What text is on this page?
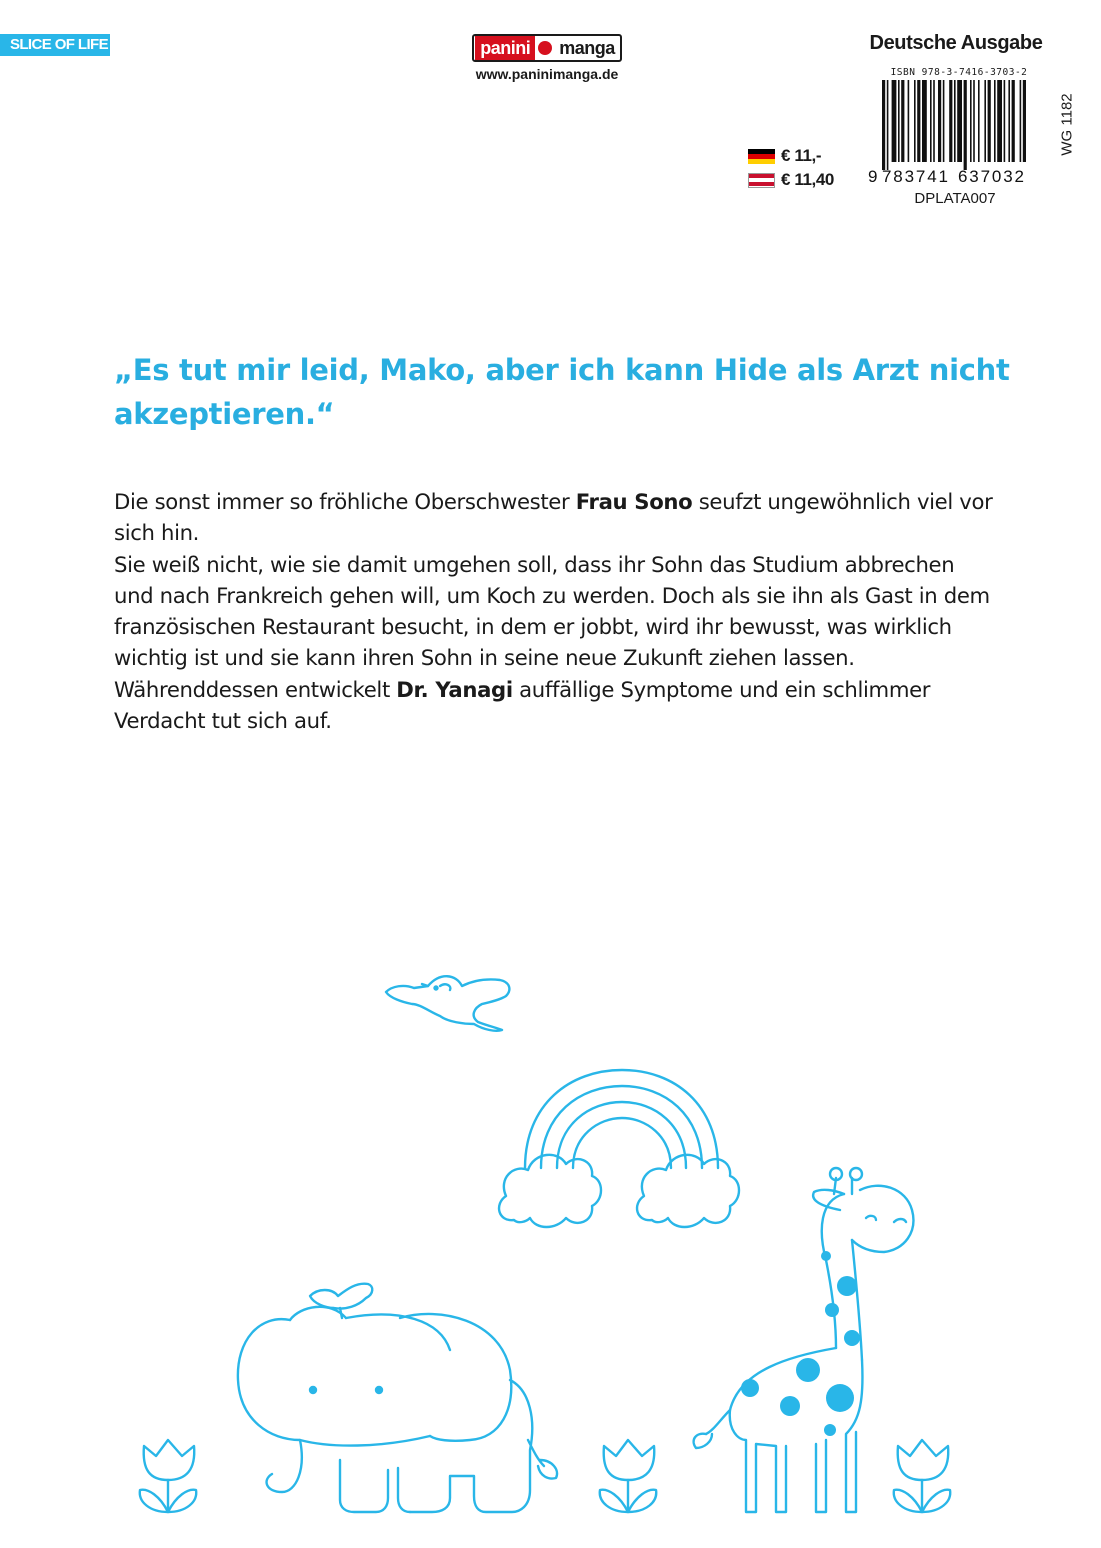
SLICE OF LIFE	panini manga
www.paninimanga.de
Deutsche Ausgabe
ISBN 978-3-7416-3703-2
9 783741 637032
WG 1182
DPLATA007
€ 11,-
€ 11,40
„Es tut mir leid, Mako, aber ich kann Hide als Arzt nicht
akzeptieren.“

Die sonst immer so fröhliche Oberschwester Frau Sono seufzt ungewöhnlich viel vor sich hin.

Sie weiß nicht, wie sie damit umgehen soll, dass ihr Sohn das Studium abbrechen und nach Frankreich gehen will, um Koch zu werden. Doch als sie ihn als Gast in dem französischen Restaurant besucht, in dem er jobbt, wird ihr bewusst, was wirklich wichtig ist und sie kann ihren Sohn in seine neue Zukunft ziehen lassen.

Währenddessen entwickelt Dr. Yanagi auffällige Symptome und ein schlimmer Verdacht tut sich auf.
